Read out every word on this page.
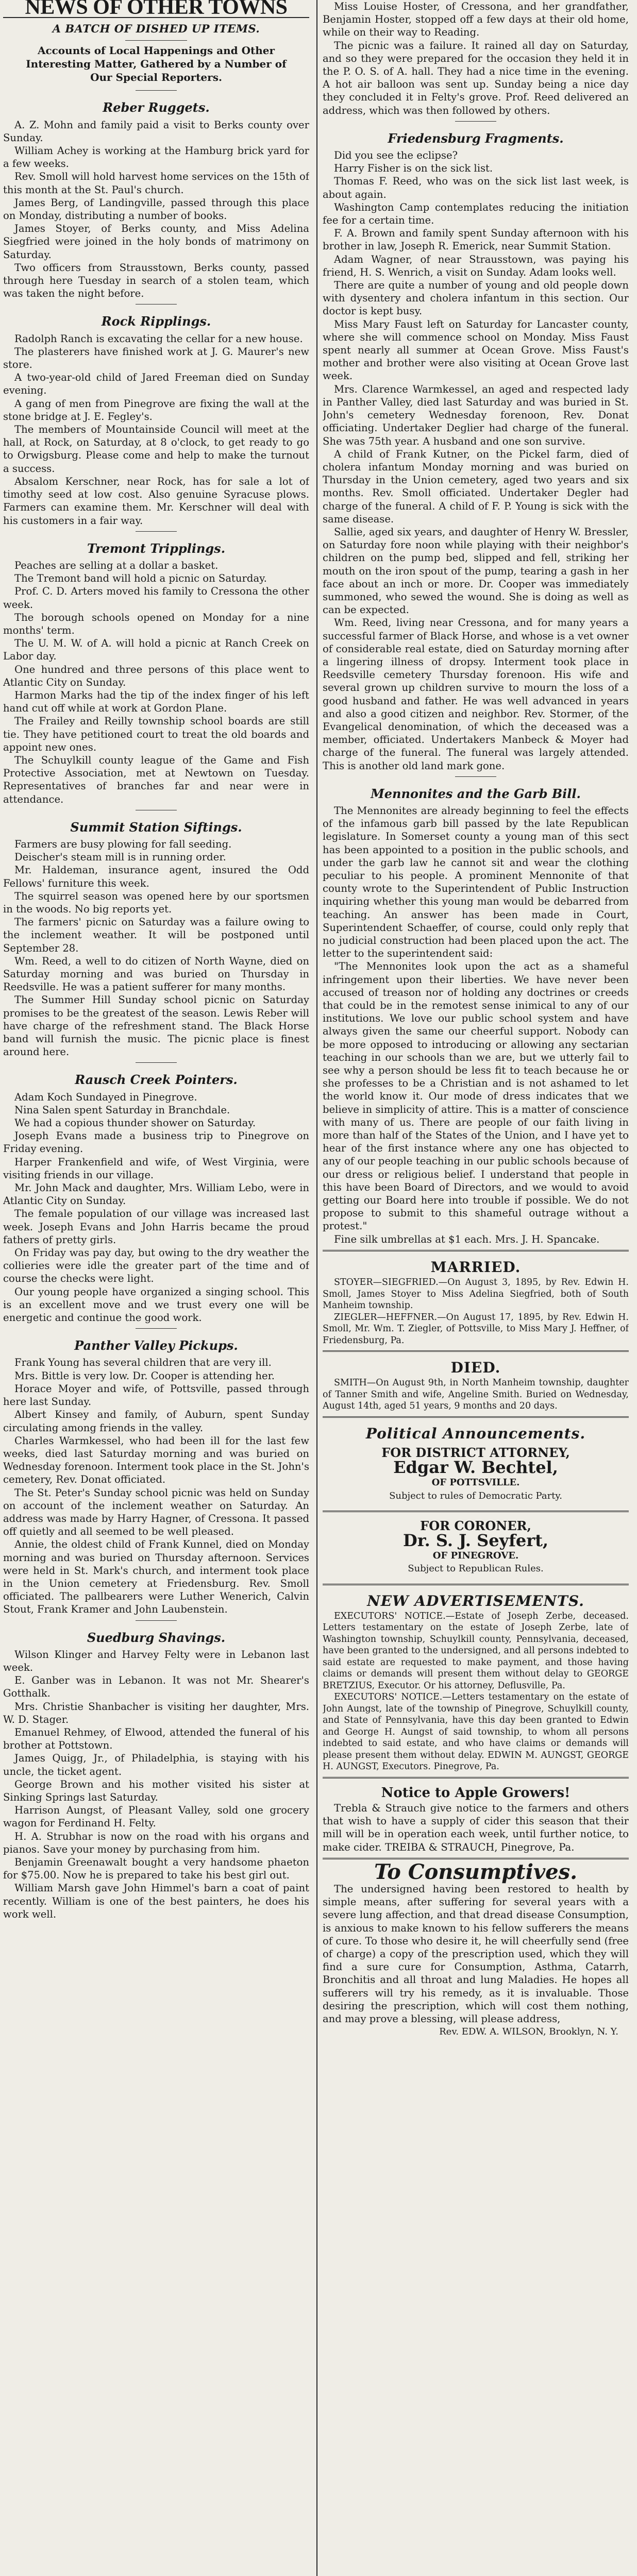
NEWS OF OTHER TOWNS
A BATCH OF DISHED UP ITEMS.
Accounts of Local Happenings and Other Interesting Matter, Gathered by a Number of Our Special Reporters.
Reber Ruggets.

A. Z. Mohn and family paid a visit to Berks county over Sunday.

William Achey is working at the Hamburg brick yard for a few weeks.

Rev. Smoll will hold harvest home services on the 15th of this month at the St. Paul's church.

James Berg, of Landingville, passed through this place on Monday, distributing a number of books.

James Stoyer, of Berks county, and Miss Adelina Siegfried were joined in the holy bonds of matrimony on Saturday.

Two officers from Strausstown, Berks county, passed through here Tuesday in search of a stolen team, which was taken the night before.

Rock Ripplings.

Radolph Ranch is excavating the cellar for a new house.

The plasterers have finished work at J. G. Maurer's new store.

A two-year-old child of Jared Freeman died on Sunday evening.

A gang of men from Pinegrove are fixing the wall at the stone bridge at J. E. Fegley's.

The members of Mountainside Council will meet at the hall, at Rock, on Saturday, at 8 o'clock, to get ready to go to Orwigsburg. Please come and help to make the turnout a success.

Absalom Kerschner, near Rock, has for sale a lot of timothy seed at low cost. Also genuine Syracuse plows. Farmers can examine them. Mr. Kerschner will deal with his customers in a fair way.

Tremont Tripplings.

Peaches are selling at a dollar a basket.

The Tremont band will hold a picnic on Saturday.

Prof. C. D. Arters moved his family to Cressona the other week.

The borough schools opened on Monday for a nine months' term.

The U. M. W. of A. will hold a picnic at Ranch Creek on Labor day.

One hundred and three persons of this place went to Atlantic City on Sunday.

Harmon Marks had the tip of the index finger of his left hand cut off while at work at Gordon Plane.

The Frailey and Reilly township school boards are still tie. They have petitioned court to treat the old boards and appoint new ones.

The Schuylkill county league of the Game and Fish Protective Association, met at Newtown on Tuesday. Representatives of branches far and near were in attendance.

Summit Station Siftings.

Farmers are busy plowing for fall seeding.

Deischer's steam mill is in running order.

Mr. Haldeman, insurance agent, insured the Odd Fellows' furniture this week.

The squirrel season was opened here by our sportsmen in the woods. No big reports yet.

The farmers' picnic on Saturday was a failure owing to the inclement weather. It will be postponed until September 28.

Wm. Reed, a well to do citizen of North Wayne, died on Saturday morning and was buried on Thursday in Reedsville. He was a patient sufferer for many months.

The Summer Hill Sunday school picnic on Saturday promises to be the greatest of the season. Lewis Reber will have charge of the refreshment stand. The Black Horse band will furnish the music. The picnic place is finest around here.

Rausch Creek Pointers.

Adam Koch Sundayed in Pinegrove.

Nina Salen spent Saturday in Branchdale.

We had a copious thunder shower on Saturday.

Joseph Evans made a business trip to Pinegrove on Friday evening.

Harper Frankenfield and wife, of West Virginia, were visiting friends in our village.

Mr. John Mack and daughter, Mrs. William Lebo, were in Atlantic City on Sunday.

The female population of our village was increased last week. Joseph Evans and John Harris became the proud fathers of pretty girls.

On Friday was pay day, but owing to the dry weather the collieries were idle the greater part of the time and of course the checks were light.

Our young people have organized a singing school. This is an excellent move and we trust every one will be energetic and continue the good work.

Panther Valley Pickups.

Frank Young has several children that are very ill.

Mrs. Bittle is very low. Dr. Cooper is attending her.

Horace Moyer and wife, of Pottsville, passed through here last Sunday.

Albert Kinsey and family, of Auburn, spent Sunday circulating among friends in the valley.

Charles Warmkessel, who had been ill for the last few weeks, died last Saturday morning and was buried on Wednesday forenoon. Interment took place in the St. John's cemetery, Rev. Donat officiated.

The St. Peter's Sunday school picnic was held on Sunday on account of the inclement weather on Saturday. An address was made by Harry Hagner, of Cressona. It passed off quietly and all seemed to be well pleased.

Annie, the oldest child of Frank Kunnel, died on Monday morning and was buried on Thursday afternoon. Services were held in St. Mark's church, and interment took place in the Union cemetery at Friedensburg. Rev. Smoll officiated. The pallbearers were Luther Wenerich, Calvin Stout, Frank Kramer and John Laubenstein.

Suedburg Shavings.

Wilson Klinger and Harvey Felty were in Lebanon last week.

E. Ganber was in Lebanon. It was not Mr. Shearer's Gotthalk.

Mrs. Christie Shanbacher is visiting her daughter, Mrs. W. D. Stager.

Emanuel Rehmey, of Elwood, attended the funeral of his brother at Pottstown.

James Quigg, Jr., of Philadelphia, is staying with his uncle, the ticket agent.

George Brown and his mother visited his sister at Sinking Springs last Saturday.

Harrison Aungst, of Pleasant Valley, sold one grocery wagon for Ferdinand H. Felty.

H. A. Strubhar is now on the road with his organs and pianos. Save your money by purchasing from him.

Benjamin Greenawalt bought a very handsome phaeton for $75.00. Now he is prepared to take his best girl out.

William Marsh gave John Himmel's barn a coat of paint recently. William is one of the best painters, he does his work well.

Miss Louise Hoster, of Cressona, and her grandfather, Benjamin Hoster, stopped off a few days at their old home, while on their way to Reading.

The picnic was a failure. It rained all day on Saturday, and so they were prepared for the occasion they held it in the P. O. S. of A. hall. They had a nice time in the evening. A hot air balloon was sent up. Sunday being a nice day they concluded it in Felty's grove. Prof. Reed delivered an address, which was then followed by others.

Friedensburg Fragments.

Did you see the eclipse?

Harry Fisher is on the sick list.

Thomas F. Reed, who was on the sick list last week, is about again.

Washington Camp contemplates reducing the initiation fee for a certain time.

F. A. Brown and family spent Sunday afternoon with his brother in law, Joseph R. Emerick, near Summit Station.

Adam Wagner, of near Strausstown, was paying his friend, H. S. Wenrich, a visit on Sunday. Adam looks well.

There are quite a number of young and old people down with dysentery and cholera infantum in this section. Our doctor is kept busy.

Miss Mary Faust left on Saturday for Lancaster county, where she will commence school on Monday. Miss Faust spent nearly all summer at Ocean Grove. Miss Faust's mother and brother were also visiting at Ocean Grove last week.

Mrs. Clarence Warmkessel, an aged and respected lady in Panther Valley, died last Saturday and was buried in St. John's cemetery Wednesday forenoon, Rev. Donat officiating. Undertaker Deglier had charge of the funeral. She was 75th year. A husband and one son survive.

A child of Frank Kutner, on the Pickel farm, died of cholera infantum Monday morning and was buried on Thursday in the Union cemetery, aged two years and six months. Rev. Smoll officiated. Undertaker Degler had charge of the funeral. A child of F. P. Young is sick with the same disease.

Sallie, aged six years, and daughter of Henry W. Bressler, on Saturday fore noon while playing with their neighbor's children on the pump bed, slipped and fell, striking her mouth on the iron spout of the pump, tearing a gash in her face about an inch or more. Dr. Cooper was immediately summoned, who sewed the wound. She is doing as well as can be expected.

Wm. Reed, living near Cressona, and for many years a successful farmer of Black Horse, and whose is a vet owner of considerable real estate, died on Saturday morning after a lingering illness of dropsy. Interment took place in Reedsville cemetery Thursday forenoon. His wife and several grown up children survive to mourn the loss of a good husband and father. He was well advanced in years and also a good citizen and neighbor. Rev. Stormer, of the Evangelical denomination, of which the deceased was a member, officiated. Undertakers Manbeck & Moyer had charge of the funeral. The funeral was largely attended. This is another old land mark gone.

Mennonites and the Garb Bill.

The Mennonites are already beginning to feel the effects of the infamous garb bill passed by the late Republican legislature. In Somerset county a young man of this sect has been appointed to a position in the public schools, and under the garb law he cannot sit and wear the clothing peculiar to his people. A prominent Mennonite of that county wrote to the Superintendent of Public Instruction inquiring whether this young man would be debarred from teaching. An answer has been made in Court, Superintendent Schaeffer, of course, could only reply that no judicial construction had been placed upon the act. The letter to the superintendent said:

"The Mennonites look upon the act as a shameful infringement upon their liberties. We have never been accused of treason nor of holding any doctrines or creeds that could be in the remotest sense inimical to any of our institutions. We love our public school system and have always given the same our cheerful support. Nobody can be more opposed to introducing or allowing any sectarian teaching in our schools than we are, but we utterly fail to see why a person should be less fit to teach because he or she professes to be a Christian and is not ashamed to let the world know it. Our mode of dress indicates that we believe in simplicity of attire. This is a matter of conscience with many of us. There are people of our faith living in more than half of the States of the Union, and I have yet to hear of the first instance where any one has objected to any of our people teaching in our public schools because of our dress or religious belief. I understand that people in this have been Board of Directors, and we would to avoid getting our Board here into trouble if possible. We do not propose to submit to this shameful outrage without a protest."

Fine silk umbrellas at $1 each. Mrs. J. H. Spancake.

MARRIED.

STOYER—SIEGFRIED.—On August 3, 1895, by Rev. Edwin H. Smoll, James Stoyer to Miss Adelina Siegfried, both of South Manheim township.

ZIEGLER—HEFFNER.—On August 17, 1895, by Rev. Edwin H. Smoll, Mr. Wm. T. Ziegler, of Pottsville, to Miss Mary J. Heffner, of Friedensburg, Pa.

DIED.

SMITH—On August 9th, in North Manheim township, daughter of Tanner Smith and wife, Angeline Smith. Buried on Wednesday, August 14th, aged 51 years, 9 months and 20 days.

Political Announcements.
FOR DISTRICT ATTORNEY,
Edgar W. Bechtel,
OF POTTSVILLE.
Subject to rules of Democratic Party.
FOR CORONER,
Dr. S. J. Seyfert,
OF PINEGROVE.
Subject to Republican Rules.
NEW ADVERTISEMENTS.

EXECUTORS' NOTICE.—Estate of Joseph Zerbe, deceased. Letters testamentary on the estate of Joseph Zerbe, late of Washington township, Schuylkill county, Pennsylvania, deceased, have been granted to the undersigned, and all persons indebted to said estate are requested to make payment, and those having claims or demands will present them without delay to GEORGE BRETZIUS, Executor. Or his attorney, Deflusville, Pa.

EXECUTORS' NOTICE.—Letters testamentary on the estate of John Aungst, late of the township of Pinegrove, Schuylkill county, and State of Pennsylvania, have this day been granted to Edwin and George H. Aungst of said township, to whom all persons indebted to said estate, and who have claims or demands will please present them without delay. EDWIN M. AUNGST, GEORGE H. AUNGST, Executors. Pinegrove, Pa.

Notice to Apple Growers!

Trebla & Strauch give notice to the farmers and others that wish to have a supply of cider this season that their mill will be in operation each week, until further notice, to make cider. TREIBA & STRAUCH, Pinegrove, Pa.

To Consumptives.

The undersigned having been restored to health by simple means, after suffering for several years with a severe lung affection, and that dread disease Consumption, is anxious to make known to his fellow sufferers the means of cure. To those who desire it, he will cheerfully send (free of charge) a copy of the prescription used, which they will find a sure cure for Consumption, Asthma, Catarrh, Bronchitis and all throat and lung Maladies. He hopes all sufferers will try his remedy, as it is invaluable. Those desiring the prescription, which will cost them nothing, and may prove a blessing, will please address,

Rev. EDW. A. WILSON, Brooklyn, N. Y.
